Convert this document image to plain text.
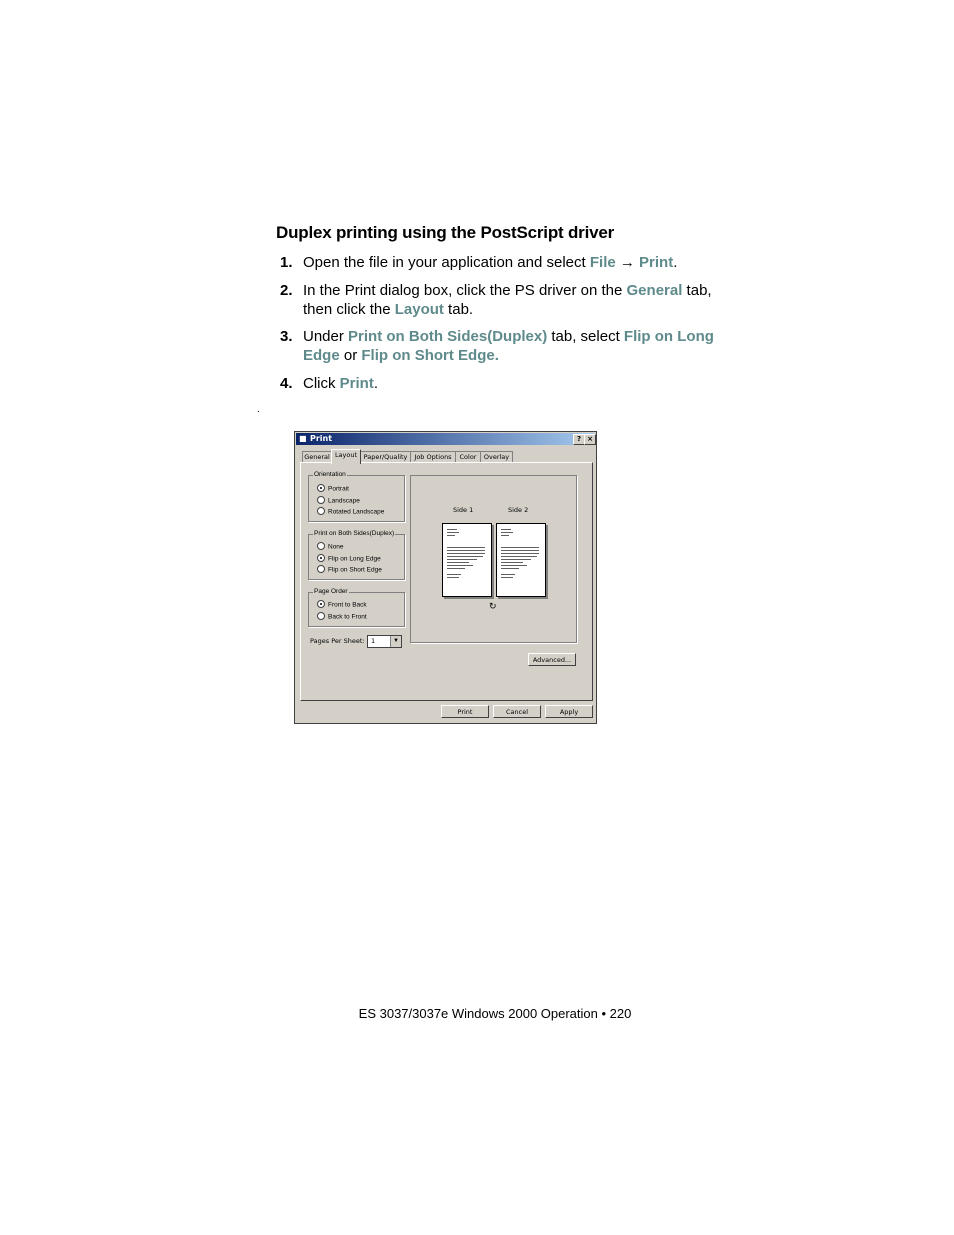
Duplex printing using the PostScript driver
1. Open the file in your application and select File → Print.
2. In the Print dialog box, click the PS driver on the General tab, then click the Layout tab.
3. Under Print on Both Sides(Duplex) tab, select Flip on Long Edge or Flip on Short Edge.
4. Click Print.
.
■ Print	? ×
General Layout	Paper/Quality	Job Options	Color	Overlay
Orientation
Portrait
Landscape
Rotated Landscape
Print on Both Sides(Duplex)
None
Flip on Long Edge
Flip on Short Edge
Page Order
Front to Back
Back to Front
Pages Per Sheet: 1	▼
Side 1	Side 2
↻
Advanced...
Print	Cancel	Apply
ES 3037/3037e Windows 2000 Operation • 220
